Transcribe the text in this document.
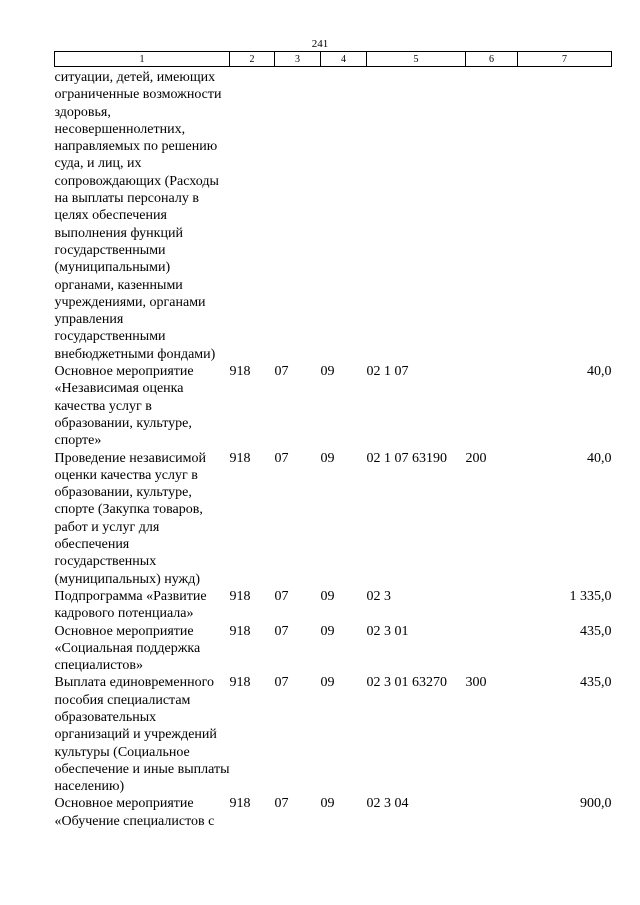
241
1	2	3	4	5	6	7
ситуации, детей, имеющих ограниченные возможности здоровья, несовершеннолетних, направляемых по решению суда, и лиц, их сопровождающих (Расходы на выплаты персоналу в целях обеспечения выполнения функций государственными (муниципальными) органами, казенными учреждениями, органами управления государственными внебюджетными фондами)						
Основное мероприятие «Независимая оценка качества услуг в образовании, культуре, спорте»	918	07	09	02 1 07		40,0
Проведение независимой оценки качества услуг в образовании, культуре, спорте (Закупка товаров, работ и услуг для обеспечения государственных (муниципальных) нужд)	918	07	09	02 1 07 63190	200	40,0
Подпрограмма «Развитие кадрового потенциала»	918	07	09	02 3		1 335,0
Основное мероприятие «Социальная поддержка специалистов»	918	07	09	02 3 01		435,0
Выплата единовременного пособия специалистам образовательных организаций и учреждений культуры (Социальное обеспечение и иные выплаты населению)	918	07	09	02 3 01 63270	300	435,0
Основное мероприятие «Обучение специалистов с	918	07	09	02 3 04		900,0
